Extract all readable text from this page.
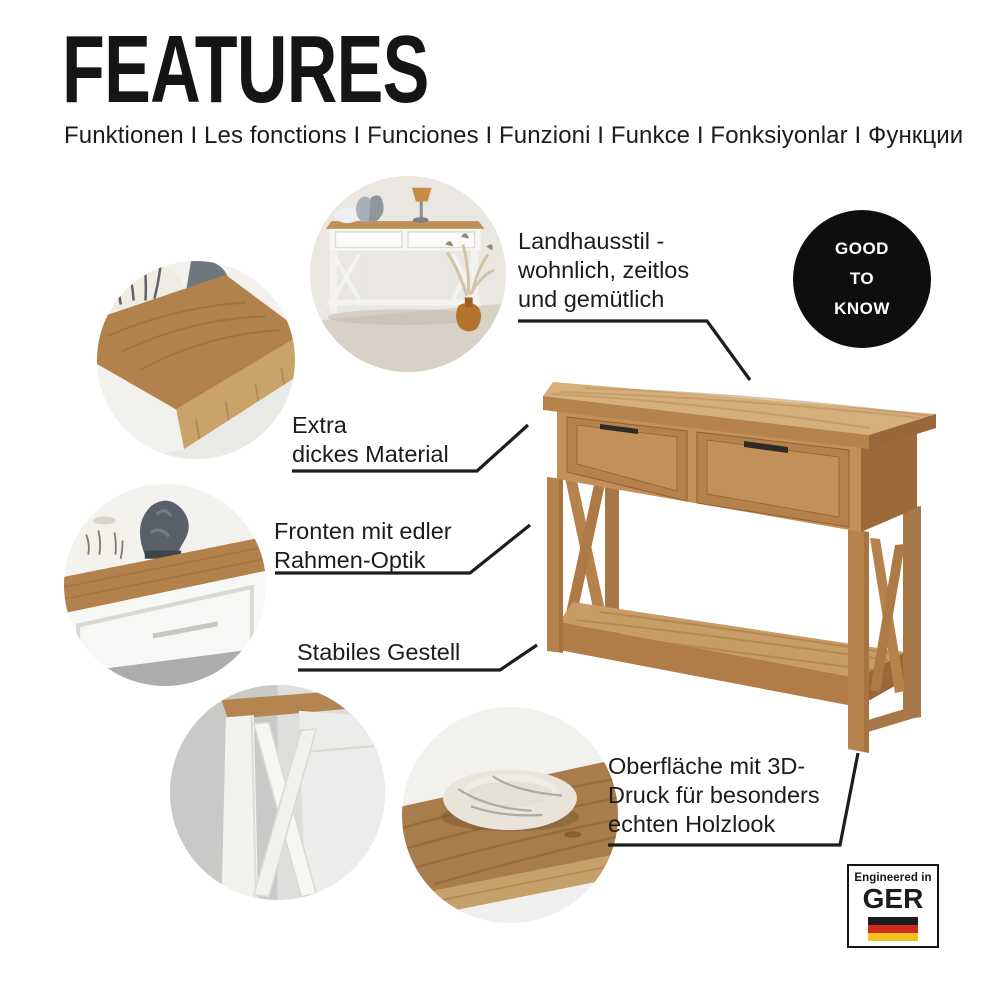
FEATURES
Funktionen I Les fonctions I Funciones I Funzioni I Funkce I Fonksiyonlar I Функции
Landhausstil -
wohnlich, zeitlos
und gemütlich
Extra
dickes Material
Fronten mit edler
Rahmen-Optik
Stabiles Gestell
Oberfläche mit 3D-
Druck für besonders
echten Holzlook
GOOD
TO
KNOW
Engineered in
GER
